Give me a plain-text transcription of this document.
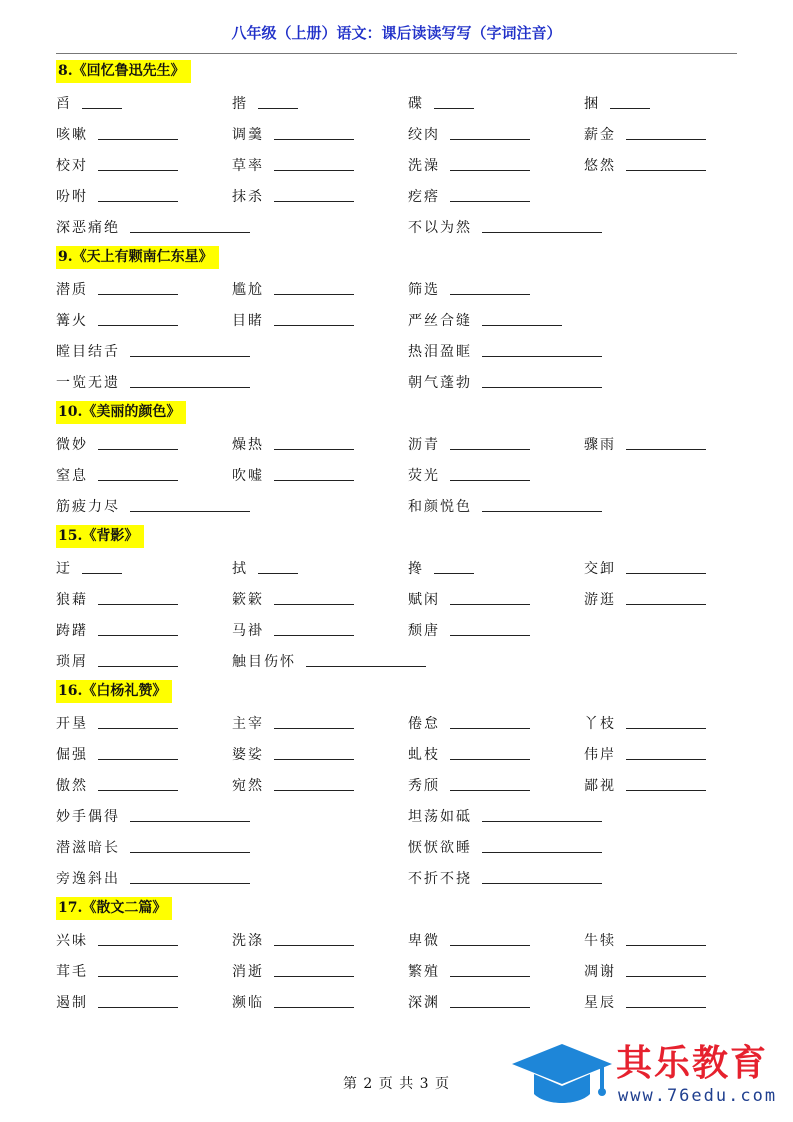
八年级（上册）语文：课后读读写写（字词注音）
8.《回忆鲁迅先生》
舀	揩	碟	捆
咳嗽	调羹	绞肉	薪金
校对	草率	洗澡	悠然
吩咐	抹杀	疙瘩
深恶痛绝	不以为然
9.《天上有颗南仁东星》
潜质	尴尬	筛选
篝火	目睹	严丝合缝
瞠目结舌	热泪盈眶
一览无遗	朝气蓬勃
10.《美丽的颜色》
微妙	燥热	沥青	骤雨
窒息	吹嘘	荧光
筋疲力尽	和颜悦色
15.《背影》
迂	拭	搀	交卸
狼藉	簌簌	赋闲	游逛
踌躇	马褂	颓唐
琐屑	触目伤怀
16.《白杨礼赞》
开垦	主宰	倦怠	丫枝
倔强	婆娑	虬枝	伟岸
傲然	宛然	秀颀	鄙视
妙手偶得	坦荡如砥
潜滋暗长	恹恹欲睡
旁逸斜出	不折不挠
17.《散文二篇》
兴味	洗涤	卑微	牛犊
茸毛	消逝	繁殖	凋谢
遏制	濒临	深渊	星辰
第 2 页 共 3 页	其乐教育
www.76edu.com
